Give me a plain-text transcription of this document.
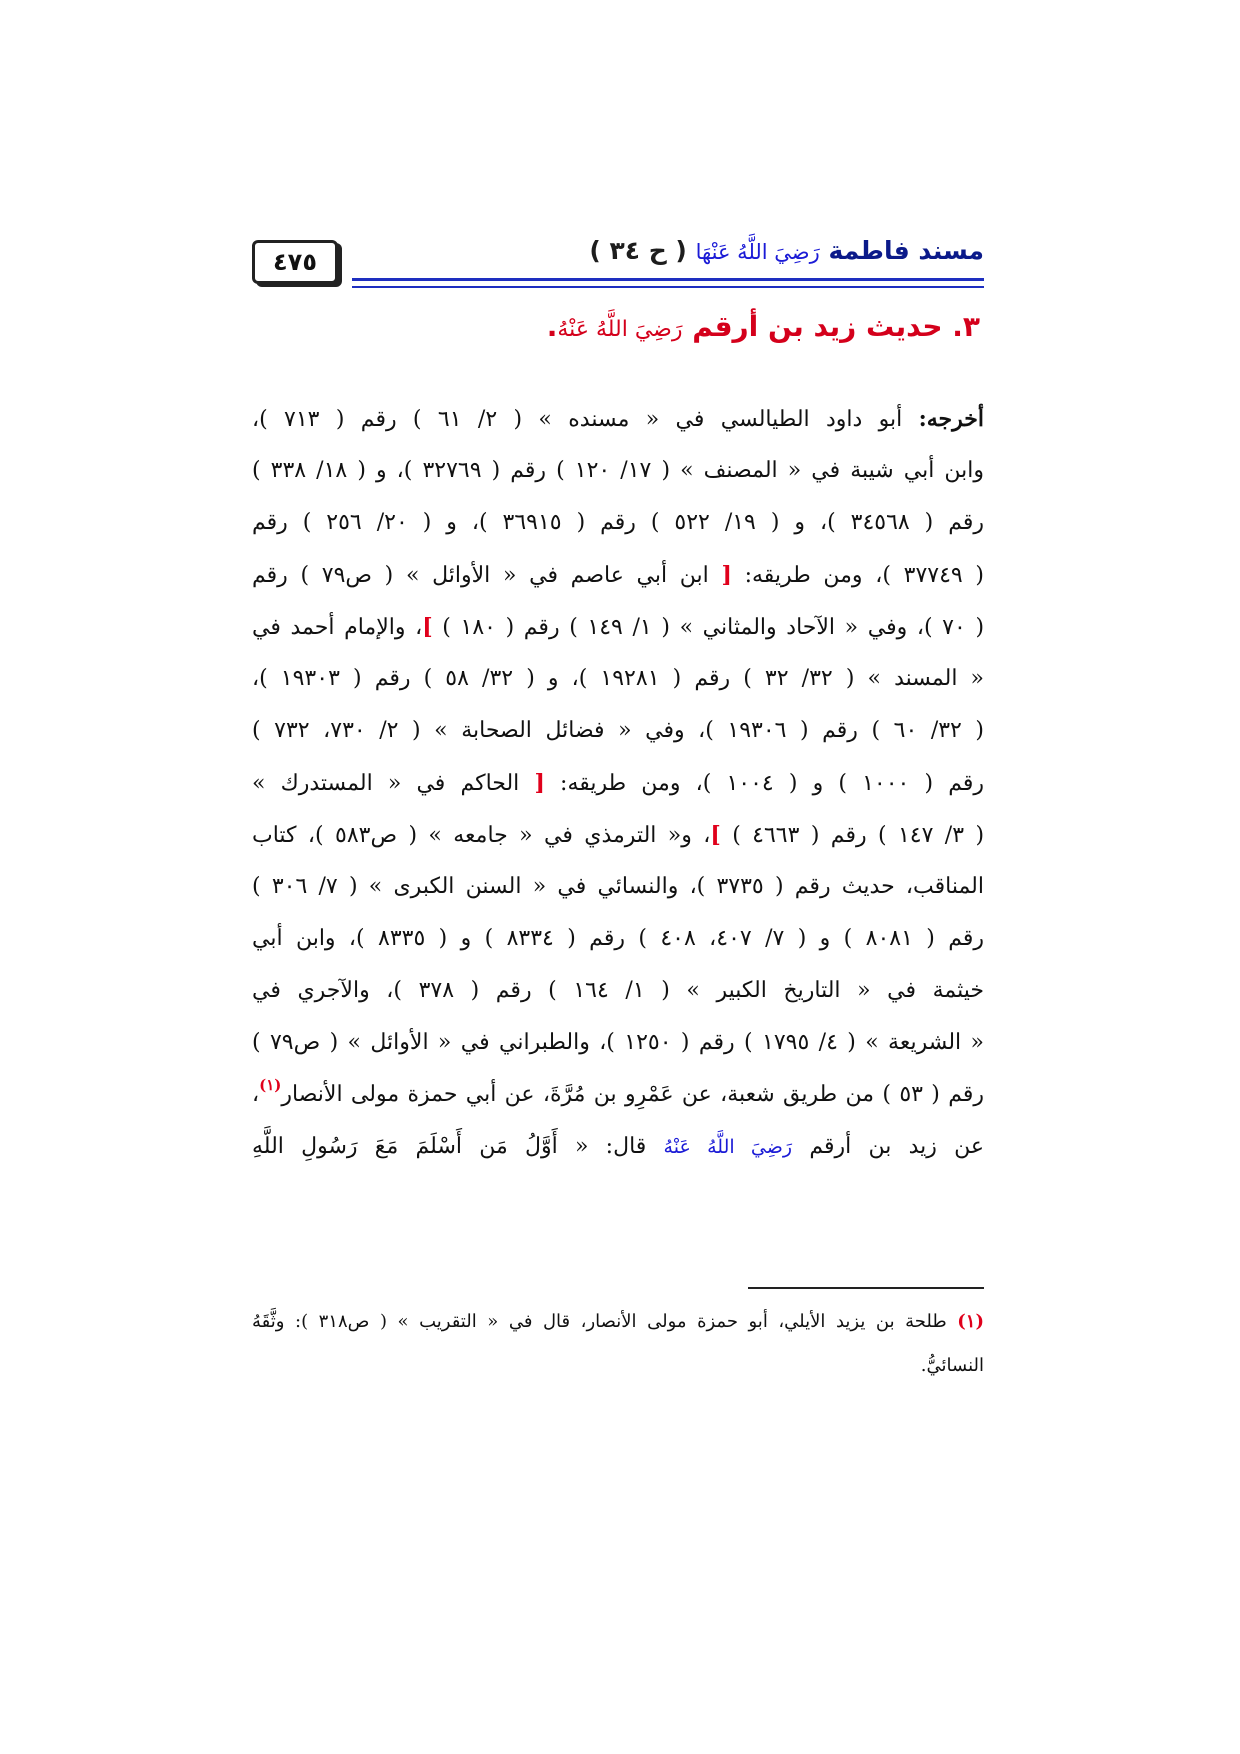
٤٧٥	مسند فاطمة رَضِيَ اللَّهُ عَنْهَا ( ح ٣٤ )
٣. حديث زيد بن أرقم رَضِيَ اللَّهُ عَنْهُ.
أخرجه: أبو داود الطيالسي في « مسنده » ( ٢/ ٦١ ) رقم ( ٧١٣ )،
وابن أبي شيبة في « المصنف » ( ١٧/ ١٢٠ ) رقم ( ٣٢٧٦٩ )، و ( ١٨/ ٣٣٨ )
رقم ( ٣٤٥٦٨ )، و ( ١٩/ ٥٢٢ ) رقم ( ٣٦٩١٥ )، و ( ٢٠/ ٢٥٦ ) رقم
( ٣٧٧٤٩ )، ومن طريقه: [ ابن أبي عاصم في « الأوائل » ( ص٧٩ ) رقم
( ٧٠ )، وفي « الآحاد والمثاني » ( ١/ ١٤٩ ) رقم ( ١٨٠ ) ]، والإمام أحمد في
« المسند » ( ٣٢/ ٣٢ ) رقم ( ١٩٢٨١ )، و ( ٣٢/ ٥٨ ) رقم ( ١٩٣٠٣ )،
( ٣٢/ ٦٠ ) رقم ( ١٩٣٠٦ )، وفي « فضائل الصحابة » ( ٢/ ٧٣٠، ٧٣٢ )
رقم ( ١٠٠٠ ) و ( ١٠٠٤ )، ومن طريقه: [ الحاكم في « المستدرك »
( ٣/ ١٤٧ ) رقم ( ٤٦٦٣ ) ]، و« الترمذي في « جامعه » ( ص٥٨٣ )، كتاب
المناقب، حديث رقم ( ٣٧٣٥ )، والنسائي في « السنن الكبرى » ( ٧/ ٣٠٦ )
رقم ( ٨٠٨١ ) و ( ٧/ ٤٠٧، ٤٠٨ ) رقم ( ٨٣٣٤ ) و ( ٨٣٣٥ )، وابن أبي
خيثمة في « التاريخ الكبير » ( ١/ ١٦٤ ) رقم ( ٣٧٨ )، والآجري في
« الشريعة » ( ٤/ ١٧٩٥ ) رقم ( ١٢٥٠ )، والطبراني في « الأوائل » ( ص٧٩ )
رقم ( ٥٣ ) من طريق شعبة، عن عَمْرِو بن مُرَّةَ، عن أبي حمزة مولى الأنصار$^{(١)}$،
عن زيد بن أرقم رَضِيَ اللَّهُ عَنْهُ قال: « أَوَّلُ مَن أَسْلَمَ مَعَ رَسُولِ اللَّهِ
(١) طلحة بن يزيد الأيلي، أبو حمزة مولى الأنصار، قال في « التقريب » ( ص٣١٨ ): وثَّقَهُ
النسائيُّ.
